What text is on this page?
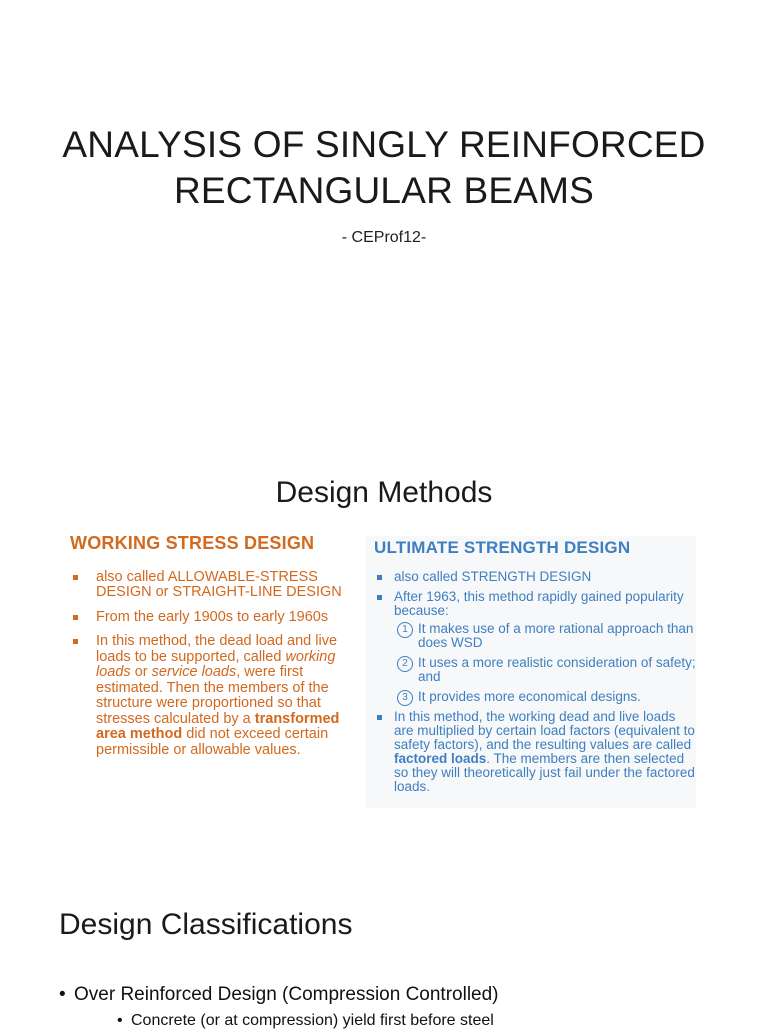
ANALYSIS OF SINGLY REINFORCED
RECTANGULAR BEAMS
- CEProf12-
Design Methods
WORKING STRESS DESIGN
also called ALLOWABLE-STRESS DESIGN or STRAIGHT-LINE DESIGN
From the early 1900s to early 1960s
In this method, the dead load and live loads to be supported, called working loads or service loads, were first estimated. Then the members of the structure were proportioned so that stresses calculated by a transformed area method did not exceed certain permissible or allowable values.
ULTIMATE STRENGTH DESIGN
also called STRENGTH DESIGN
After 1963, this method rapidly gained popularity because:
1 It makes use of a more rational approach than does WSD
2 It uses a more realistic consideration of safety; and
3 It provides more economical designs.
In this method, the working dead and live loads are multiplied by certain load factors (equivalent to safety factors), and the resulting values are called factored loads. The members are then selected so they will theoretically just fail under the factored loads.
Design Classifications
• Over Reinforced Design (Compression Controlled)
• Concrete (or at compression) yield first before steel
